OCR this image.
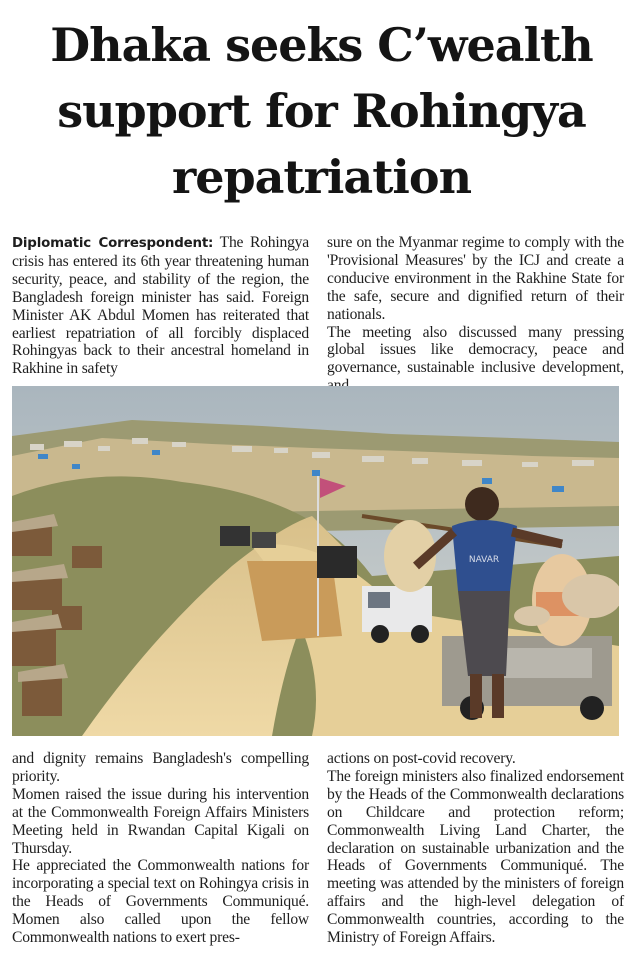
Dhaka seeks C’wealth
support for Rohingya
repatriation

Diplomatic Correspondent: The Rohingya crisis has entered its 6th year threatening human security, peace, and stability of the region, the Bangladesh foreign minister has said. Foreign Minister AK Abdul Momen has reiterated that earliest repatriation of all forcibly displaced Rohingyas back to their ancestral homeland in Rakhine in safety

sure on the Myanmar regime to comply with the 'Provisional Measures' by the ICJ and create a conducive environment in the Rakhine State for the safe, secure and dignified return of their nationals.

The meeting also discussed many pressing global issues like democracy, peace and governance, sustainable inclusive development,

NAVAR

and dignity remains Bangladesh's compelling priority.

Momen raised the issue during his intervention at the Commonwealth Foreign Affairs Ministers Meeting held in Rwandan Capital Kigali on Thursday.

He appreciated the Commonwealth nations for incorporating a special text on Rohingya crisis in the Heads of Governments Communiqué. Momen also called upon the fellow Commonwealth nations to exert pres-

actions on post-covid recovery.

The foreign ministers also finalized endorsement by the Heads of the Commonwealth declarations on Childcare and protection reform; Commonwealth Living Land Charter, the declaration on sustainable urbanization and the Heads of Governments Communiqué. The meeting was attended by the ministers of foreign affairs and the high-level delegation of Commonwealth countries, according to the Ministry of Foreign Affairs.
